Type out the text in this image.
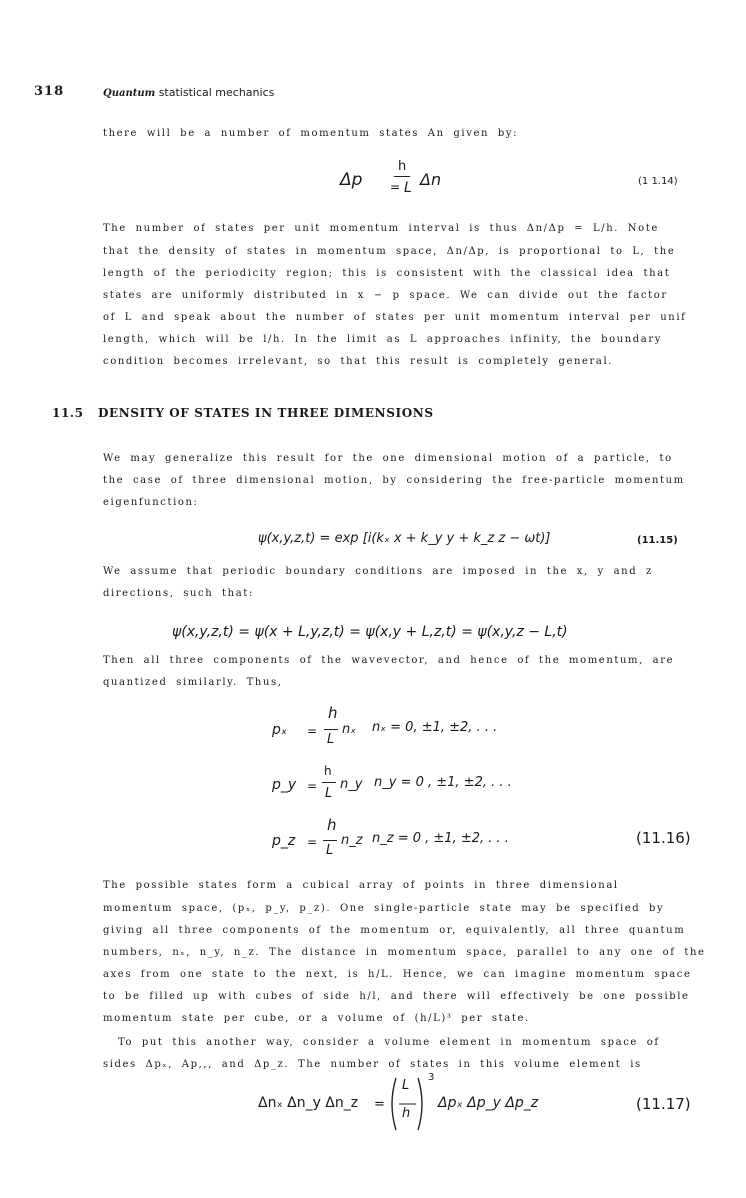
318	Quantum statistical mechanics
there will be a number of momentum states An given by:
Δp
h
= L Δn	(1 1.14)
The number of states per unit momentum interval is thus Δn/Δp = L/h. Note
that the density of states in momentum space, Δn/Δp, is proportional to L, the
length of the periodicity region; this is consistent with the classical idea that
states are uniformly distributed in x − p space. We can divide out the factor
of L and speak about the number of states per unit momentum interval per unif
length, which will be l/h. In the limit as L approaches infinity, the boundary
condition becomes irrelevant, so that this result is completely general.
11.5 DENSITY OF STATES IN THREE DIMENSIONS
We may generalize this result for the one dimensional motion of a particle, to
the case of three dimensional motion, by considering the free-particle momentum
eigenfunction:
ψ(x,y,z,t) = exp [i(kₓ x + k_y y + k_z z − ωt)]	(11.15)
We assume that periodic boundary conditions are imposed in the x, y and z
directions, such that:
ψ(x,y,z,t) = ψ(x + L,y,z,t) = ψ(x,y + L,z,t) = ψ(x,y,z − L,t)
Then all three components of the wavevector, and hence of the momentum, are
quantized similarly. Thus,
pₓ =
h
L
nₓ nₓ = 0, ±1, ±2, . . .
p_y =
h
L
n_y n_y = 0 , ±1, ±2, . . .
p_z =
h
L
n_z n_z = 0 , ±1, ±2, . . .	(11.16)
The possible states form a cubical array of points in three dimensional
momentum space, (pₓ, p_y, p_z). One single-particle state may be specified by
giving all three components of the momentum or, equivalently, all three quantum
numbers, nₓ, n_y, n_z. The distance in momentum space, parallel to any one of the
axes from one state to the next, is h/L. Hence, we can imagine momentum space
to be filled up with cubes of side h/l, and there will effectively be one possible
momentum state per cube, or a volume of (h/L)³ per state.
To put this another way, consider a volume element in momentum space of
sides Δpₓ, Ap,,, and Δp_z. The number of states in this volume element is
Δnₓ Δn_y Δn_z =
L
h
3
Δpₓ Δp_y Δp_z	(11.17)
